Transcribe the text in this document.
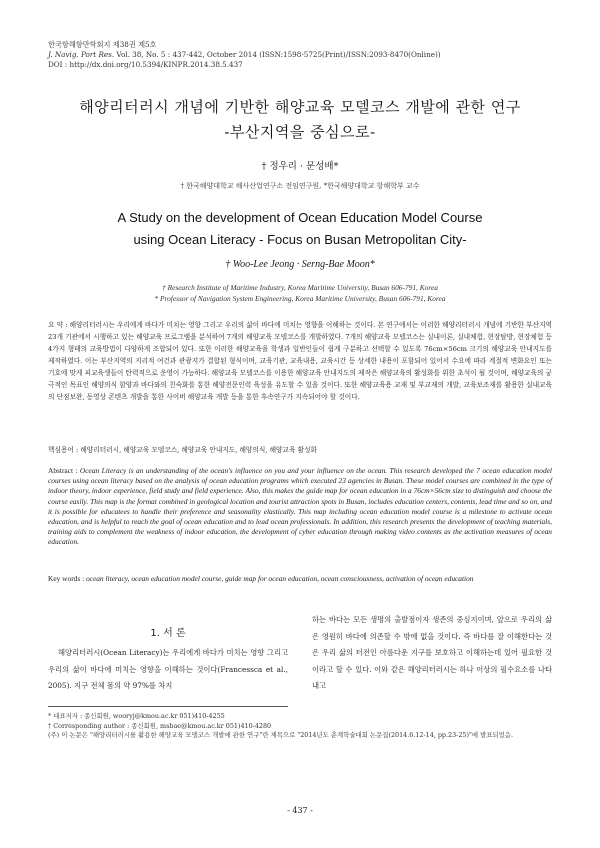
한국항해항만학회지 제38권 제5호
J. Navig. Port Res. Vol. 38, No. 5 : 437-442, October 2014 (ISSN:1598-5725(Print)/ISSN:2093-8470(Online))
DOI : http://dx.doi.org/10.5394/KINPR.2014.38.5.437
해양리터러시 개념에 기반한 해양교육 모델코스 개발에 관한 연구
-부산지역을 중심으로-
† 정우리 · 문성배*
† 한국해양대학교 해사산업연구소 전임연구원, *한국해양대학교 항해학부 교수
A Study on the development of Ocean Education Model Course
using Ocean Literacy - Focus on Busan Metropolitan City-
† Woo-Lee Jeong · Serng-Bae Moon*
† Research Institute of Maritime Industry, Korea Maritime University, Busan 606-791, Korea
* Professor of Navigation System Engineering, Korea Maritime University, Busan 606-791, Korea
요 약 : 해양리터러시는 우리에게 바다가 미치는 영향 그리고 우리의 삶이 바다에 미치는 영향을 이해하는 것이다. 본 연구에서는 이러한 해양리터러시 개념에 기반한 부산지역 23개 기관에서 시행하고 있는 해양교육 프로그램을 분석하여 7개의 해양교육 모델코스를 개발하였다. 7개의 해양교육 모델코스는 실내이론, 실내체험, 현장탐방, 현장체험 등 4가지 형태의 교육방법이 다양하게 조합되어 있다. 또한 이러한 해양교육을 학생과 일반인들이 쉽게 구분하고 선택할 수 있도록 76cm×56cm 크기의 해양교육 안내지도를 제작하였다. 이는 부산지역의 지리적 여건과 관광지가 결합된 형식이며, 교육기관, 교육내용, 교육시간 등 상세한 내용이 포함되어 있어서 수요에 따라 계절적 변화요인 또는 기호에 맞게 피교육생들이 탄력적으로 운영이 가능하다. 해양교육 모델코스를 이용한 해양교육 안내지도의 제작은 해양교육의 활성화를 위한 초석이 될 것이며, 해양교육의 궁극적인 목표인 해양의식 함양과 바다와의 친숙화를 통한 해양전문인력 육성을 유도할 수 있을 것이다. 또한 해양교육용 교재 및 부교재의 개발, 교육보조재를 활용한 실내교육의 단점보완, 동영상 콘텐츠 개발을 통한 사이버 해양교육 개발 등을 통한 후속연구가 지속되어야 할 것이다.
핵심용어 : 해양리터러시, 해양교육 모델코스, 해양교육 안내지도, 해양의식, 해양교육 활성화
Abstract : Ocean Literacy is an understanding of the ocean's influence on you and your influence on the ocean. This research developed the 7 ocean education model courses using ocean literacy based on the analysis of ocean education programs which executed 23 agencies in Busan. These model courses are combined in the type of indoor theory, indoor experience, field study and field experience. Also, this makes the guide map for ocean education in a 76cm×56cm size to distinguish and choose the course easily. This map is the format combined in geological location and tourist attraction spots in Busan, includes education centers, contents, lead time and so on, and it is possible for educatees to handle their preference and seasonality elastically. This map including ocean education model course is a milestone to activate ocean education, and is helpful to reach the goal of ocean education and to lead ocean professionals. In addition, this research presents the development of teaching materials, training aids to complement the weakness of indoor education, the development of cyber education through making video contents as the activation measures of ocean education.
Key words : ocean literacy, ocean education model course, guide map for ocean education, ocean consciousness, activation of ocean education
1. 서 론
해양리터러시(Ocean Literacy)는 우리에게 바다가 미치는 영향 그리고 우리의 삶이 바다에 미치는 영향을 이해하는 것이다(Francessca et al., 2005). 지구 전체 몸의 약 97%를 차지
하는 바다는 모든 생명의 출발점이자 생존의 중심지이며, 앞으로 우리의 삶은 영원히 바다에 의존할 수 밖에 없을 것이다. 즉 바다를 잘 이해한다는 것은 우리 삶의 터전인 아름다운 지구를 보호하고 이해하는데 있어 필요한 것이라고 할 수 있다. 이와 같은 해양리터러시는 하나 이상의 필수요소를 나타내고
* 대표저자 : 종신회원, wooryj@kmou.ac.kr 051)410-4255
† Corresponding author : 종신회원, msbae@kmou.ac.kr 051)410-4280
(주) 이 논문은 "해양리터러시를 활용한 해양교육 모델코스 개발에 관한 연구"란 제목으로 "2014년도 춘계학술대회 논문집(2014.6.12-14, pp.23-25)"에 발표되었음.
- 437 -
